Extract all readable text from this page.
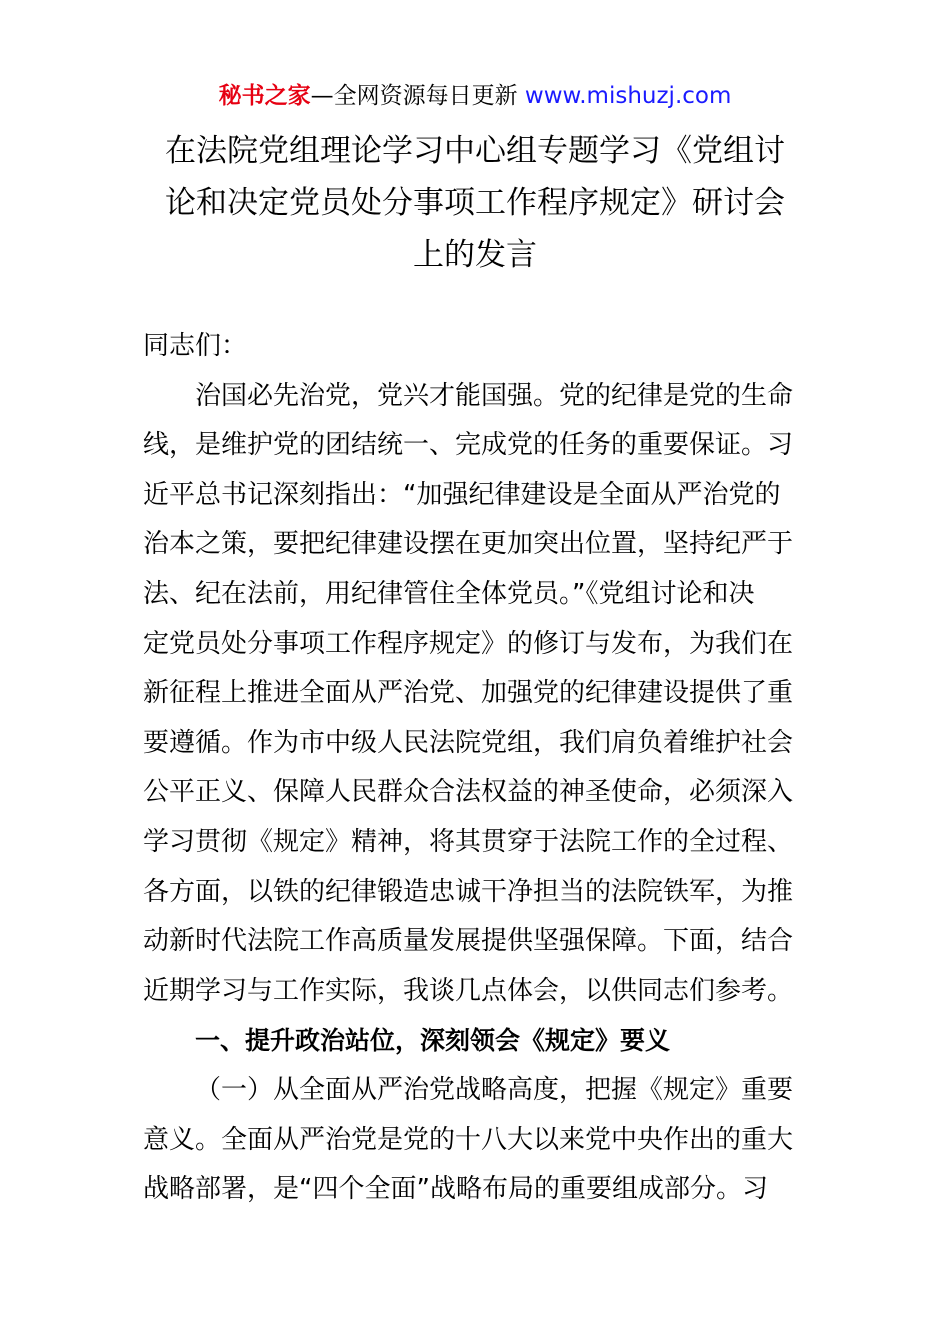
秘书之家—全网资源每日更新 www.mishuzj.com
在法院党组理论学习中心组专题学习《党组讨
论和决定党员处分事项工作程序规定》研讨会
上的发言
同志们：
治国必先治党，党兴才能国强。党的纪律是党的生命
线，是维护党的团结统一、完成党的任务的重要保证。习
近平总书记深刻指出：“加强纪律建设是全面从严治党的
治本之策，要把纪律建设摆在更加突出位置，坚持纪严于
法、纪在法前，用纪律管住全体党员。”《党组讨论和决
定党员处分事项工作程序规定》的修订与发布，为我们在
新征程上推进全面从严治党、加强党的纪律建设提供了重
要遵循。作为市中级人民法院党组，我们肩负着维护社会
公平正义、保障人民群众合法权益的神圣使命，必须深入
学习贯彻《规定》精神，将其贯穿于法院工作的全过程、
各方面，以铁的纪律锻造忠诚干净担当的法院铁军，为推
动新时代法院工作高质量发展提供坚强保障。下面，结合
近期学习与工作实际，我谈几点体会，以供同志们参考。
一、提升政治站位，深刻领会《规定》要义
（一）从全面从严治党战略高度，把握《规定》重要
意义。全面从严治党是党的十八大以来党中央作出的重大
战略部署，是“四个全面”战略布局的重要组成部分。习
